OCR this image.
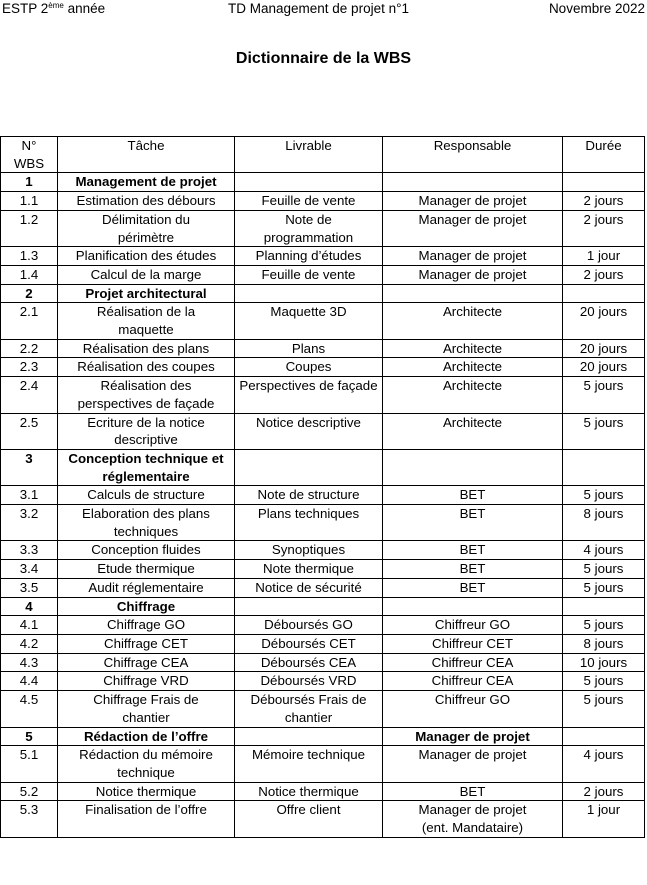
ESTP 2ème année	TD Management de projet n°1	Novembre 2022
Dictionnaire de la WBS
N°
WBS	Tâche	Livrable	Responsable	Durée
1	Management de projet			
1.1	Estimation des débours	Feuille de vente	Manager de projet	2 jours
1.2	Délimitation du
périmètre	Note de
programmation	Manager de projet	2 jours
1.3	Planification des études	Planning d’études	Manager de projet	1 jour
1.4	Calcul de la marge	Feuille de vente	Manager de projet	2 jours
2	Projet architectural			
2.1	Réalisation de la
maquette	Maquette 3D	Architecte	20 jours
2.2	Réalisation des plans	Plans	Architecte	20 jours
2.3	Réalisation des coupes	Coupes	Architecte	20 jours
2.4	Réalisation des
perspectives de façade	Perspectives de façade	Architecte	5 jours
2.5	Ecriture de la notice
descriptive	Notice descriptive	Architecte	5 jours
3	Conception technique et
réglementaire			
3.1	Calculs de structure	Note de structure	BET	5 jours
3.2	Elaboration des plans
techniques	Plans techniques	BET	8 jours
3.3	Conception fluides	Synoptiques	BET	4 jours
3.4	Etude thermique	Note thermique	BET	5 jours
3.5	Audit réglementaire	Notice de sécurité	BET	5 jours
4	Chiffrage			
4.1	Chiffrage GO	Déboursés GO	Chiffreur GO	5 jours
4.2	Chiffrage CET	Déboursés CET	Chiffreur CET	8 jours
4.3	Chiffrage CEA	Déboursés CEA	Chiffreur CEA	10 jours
4.4	Chiffrage VRD	Déboursés VRD	Chiffreur CEA	5 jours
4.5	Chiffrage Frais de
chantier	Déboursés Frais de
chantier	Chiffreur GO	5 jours
5	Rédaction de l’offre		Manager de projet	
5.1	Rédaction du mémoire
technique	Mémoire technique	Manager de projet	4 jours
5.2	Notice thermique	Notice thermique	BET	2 jours
5.3	Finalisation de l’offre	Offre client	Manager de projet
(ent. Mandataire)	1 jour
